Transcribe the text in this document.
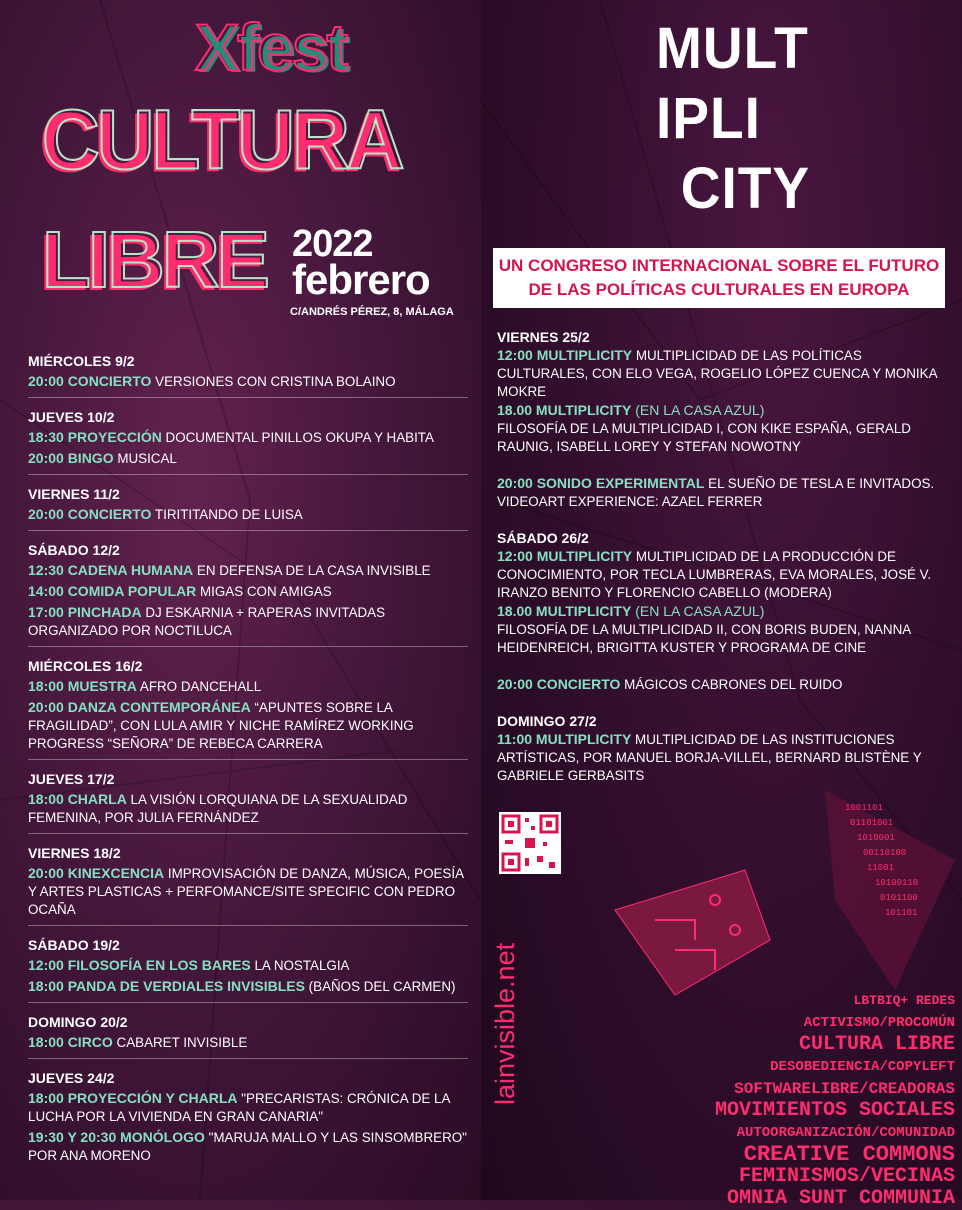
Xfest
CULTURA
LIBRE 2022
febrero
C/ANDRÉS PÉREZ, 8, MÁLAGA
MIÉRCOLES 9/2
20:00 CONCIERTO VERSIONES CON CRISTINA BOLAINO
JUEVES 10/2
18:30 PROYECCIÓN DOCUMENTAL PINILLOS OKUPA Y HABITA
20:00 BINGO MUSICAL
VIERNES 11/2
20:00 CONCIERTO TIRITITANDO DE LUISA
SÁBADO 12/2
12:30 CADENA HUMANA EN DEFENSA DE LA CASA INVISIBLE
14:00 COMIDA POPULAR MIGAS CON AMIGAS
17:00 PINCHADA DJ ESKARNIA + RAPERAS INVITADAS ORGANIZADO POR NOCTILUCA
MIÉRCOLES 16/2
18:00 MUESTRA AFRO DANCEHALL
20:00 DANZA CONTEMPORÁNEA “APUNTES SOBRE LA FRAGILIDAD”, CON LULA AMIR Y NICHE RAMÍREZ WORKING PROGRESS “SEÑORA” DE REBECA CARRERA
JUEVES 17/2
18:00 CHARLA LA VISIÓN LORQUIANA DE LA SEXUALIDAD FEMENINA, POR JULIA FERNÁNDEZ
VIERNES 18/2
20:00 KINEXCENCIA IMPROVISACIÓN DE DANZA, MÚSICA, POESÍA Y ARTES PLASTICAS + PERFOMANCE/SITE SPECIFIC CON PEDRO OCAÑA
SÁBADO 19/2
12:00 FILOSOFÍA EN LOS BARES LA NOSTALGIA
18:00 PANDA DE VERDIALES INVISIBLES (BAÑOS DEL CARMEN)
DOMINGO 20/2
18:00 CIRCO CABARET INVISIBLE
JUEVES 24/2
18:00 PROYECCIÓN Y CHARLA "PRECARISTAS: CRÓNICA DE LA LUCHA POR LA VIVIENDA EN GRAN CANARIA"
19:30 Y 20:30 MONÓLOGO "MARUJA MALLO Y LAS SINSOMBRERO" POR ANA MORENO
MULT
IPLI
CITY
UN CONGRESO INTERNACIONAL SOBRE EL FUTURO
DE LAS POLÍTICAS CULTURALES EN EUROPA
VIERNES 25/2
12:00 MULTIPLICITY MULTIPLICIDAD DE LAS POLÍTICAS CULTURALES, CON ELO VEGA, ROGELIO LÓPEZ CUENCA Y MONIKA MOKRE
18.00 MULTIPLICITY (EN LA CASA AZUL)
FILOSOFÍA DE LA MULTIPLICIDAD I, CON KIKE ESPAÑA, GERALD RAUNIG, ISABELL LOREY Y STEFAN NOWOTNY
20:00 SONIDO EXPERIMENTAL EL SUEÑO DE TESLA E INVITADOS. VIDEOART EXPERIENCE: AZAEL FERRER
SÁBADO 26/2
12:00 MULTIPLICITY MULTIPLICIDAD DE LA PRODUCCIÓN DE CONOCIMIENTO, POR TECLA LUMBRERAS, EVA MORALES, JOSÉ V. IRANZO BENITO Y FLORENCIO CABELLO (MODERA)
18.00 MULTIPLICITY (EN LA CASA AZUL)
FILOSOFÍA DE LA MULTIPLICIDAD II, CON BORIS BUDEN, NANNA HEIDENREICH, BRIGITTA KUSTER Y PROGRAMA DE CINE
20:00 CONCIERTO MÁGICOS CABRONES DEL RUIDO
DOMINGO 27/2
11:00 MULTIPLICITY MULTIPLICIDAD DE LAS INSTITUCIONES ARTÍSTICAS, POR MANUEL BORJA-VILLEL, BERNARD BLISTÈNE Y GABRIELE GERBASITS
lainvisible.net
1001101
01101001
1010001
00110100
11001
10100110
0101100
101101
LBTBIQ+ REDES
ACTIVISMO/PROCOMÚN
CULTURA LIBRE
DESOBEDIENCIA/COPYLEFT
SOFTWARELIBRE/CREADORAS
MOVIMIENTOS SOCIALES
AUTOORGANIZACIÓN/COMUNIDAD
CREATIVE COMMONS
FEMINISMOS/VECINAS
OMNIA SUNT COMMUNIA
